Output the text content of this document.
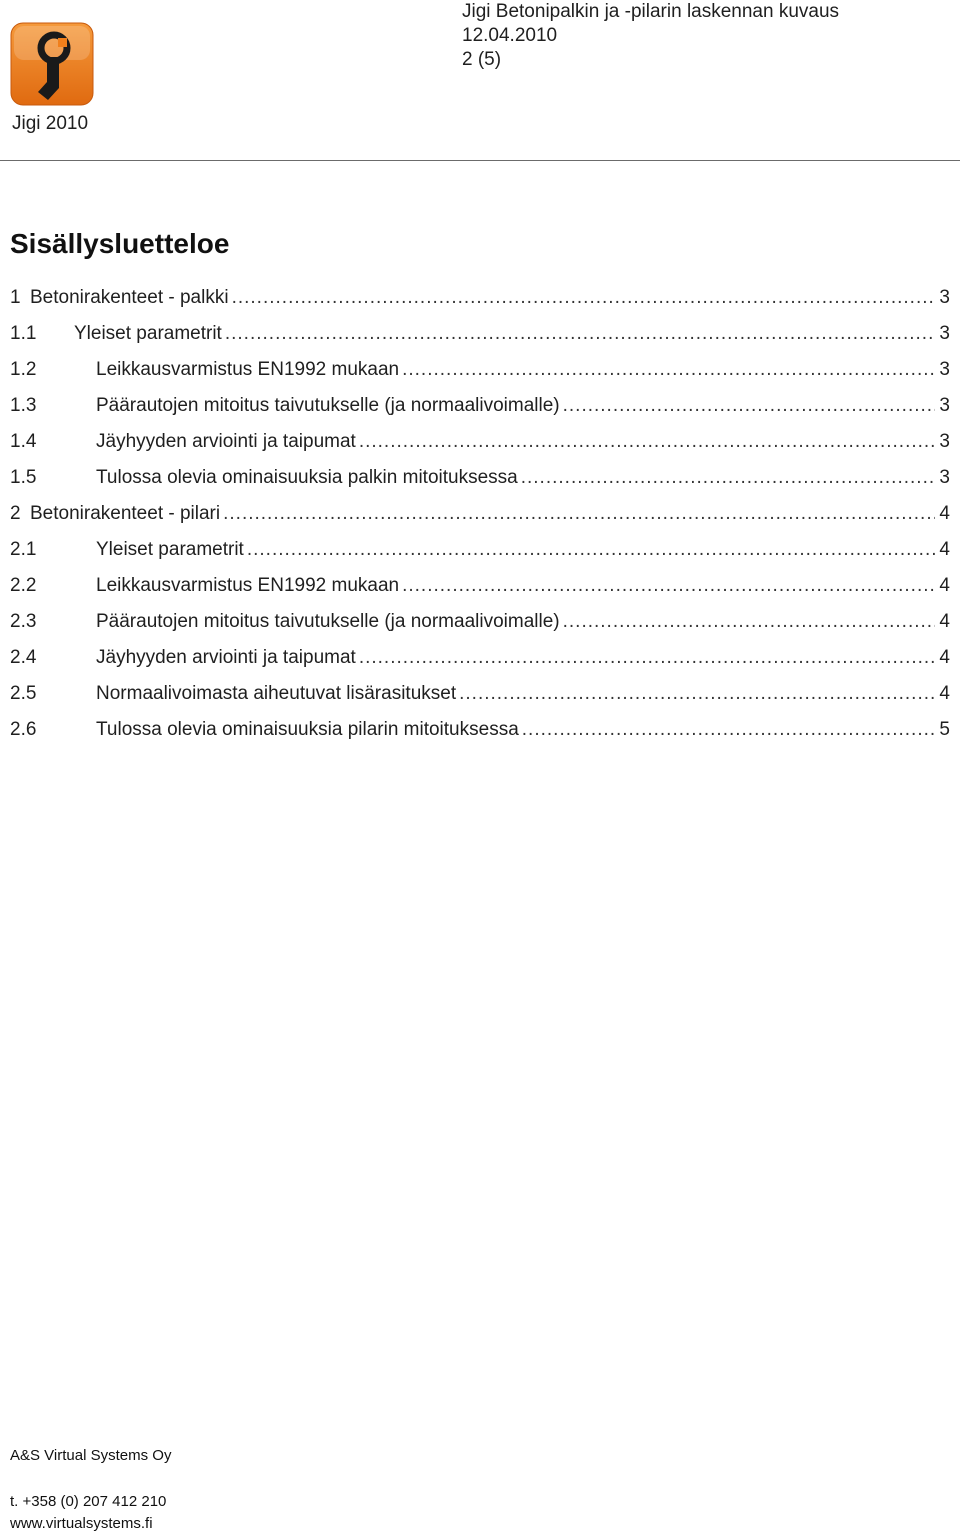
Jigi 2010
Jigi Betonipalkin ja -pilarin laskennan kuvaus
12.04.2010
2 (5)
Sisällysluetteloe
1 Betonirakenteet - palkki .....	3
1.1	Yleiset parametrit .....	3
1.2	Leikkausvarmistus EN1992 mukaan .....	3
1.3	Päärautojen mitoitus taivutukselle (ja normaalivoimalle) .....	3
1.4	Jäyhyyden arviointi ja taipumat .....	3
1.5	Tulossa olevia ominaisuuksia palkin mitoituksessa .....	3
2 Betonirakenteet - pilari .....	4
2.1	Yleiset parametrit .....	4
2.2	Leikkausvarmistus EN1992 mukaan .....	4
2.3	Päärautojen mitoitus taivutukselle (ja normaalivoimalle) .....	4
2.4	Jäyhyyden arviointi ja taipumat .....	4
2.5	Normaalivoimasta aiheutuvat lisärasitukset .....	4
2.6	Tulossa olevia ominaisuuksia pilarin mitoituksessa .....	5
A&S Virtual Systems Oy
t. +358 (0) 207 412 210
www.virtualsystems.fi
